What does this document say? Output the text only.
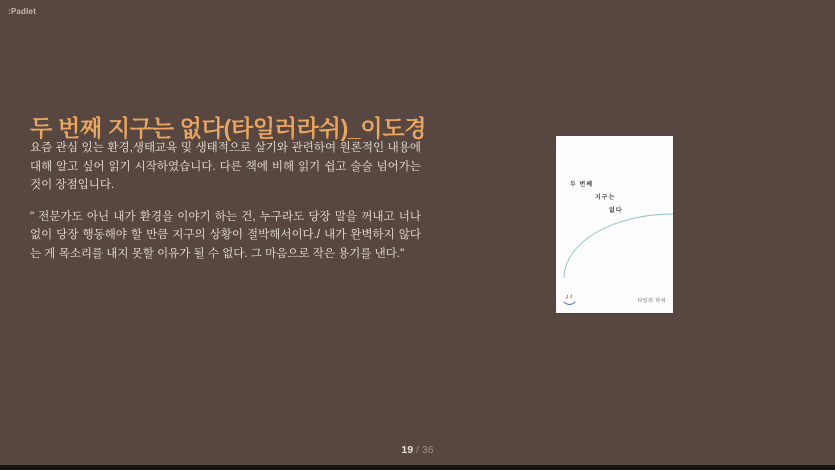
:Padlet
두 번째 지구는 없다(타일러라쉬)_이도경

요즘 관심 있는 환경,생태교육 및 생태적으로 살기와 관련하여 원론적인 내용에 대해 알고 싶어 읽기 시작하였습니다. 다른 책에 비해 읽기 쉽고 술술 넘어가는 것이 장점입니다.

" 전문가도 아닌 내가 환경을 이야기 하는 건, 누구라도 당장 말을 꺼내고 너나 없이 당장 행동해야 할 만큼 지구의 상황이 절박해서이다./ 내가 완벽하지 않다는 게 목소리를 내지 못할 이유가 될 수 없다. 그 마음으로 작은 용기를 낸다."

두 번째
지구는
없다
타일러 라쉬
19 / 36
